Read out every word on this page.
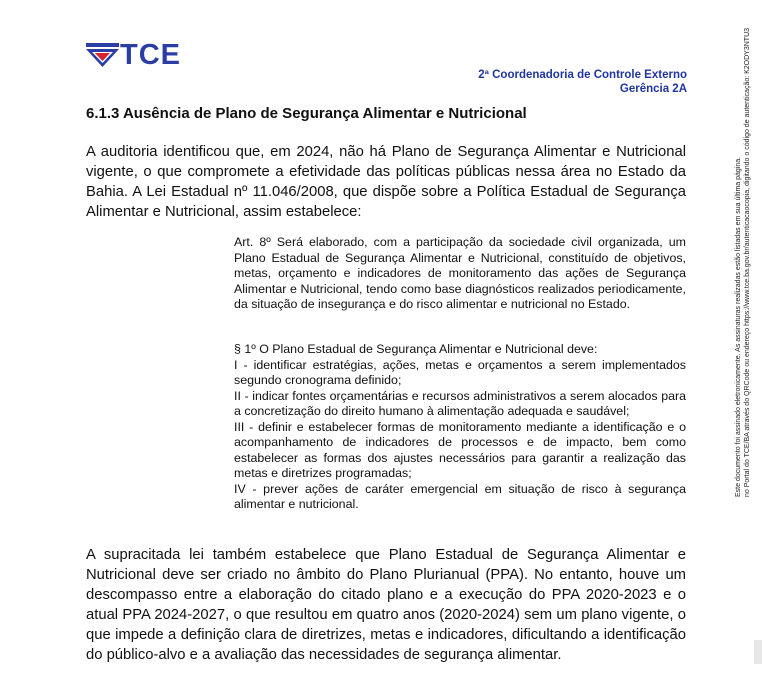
TCE
2ª Coordenadoria de Controle Externo
Gerência 2A
6.1.3 Ausência de Plano de Segurança Alimentar e Nutricional

A auditoria identificou que, em 2024, não há Plano de Segurança Alimentar e Nutricional vigente, o que compromete a efetividade das políticas públicas nessa área no Estado da Bahia. A Lei Estadual nº 11.046/2008, que dispõe sobre a Política Estadual de Segurança Alimentar e Nutricional, assim estabelece:

Art. 8º Será elaborado, com a participação da sociedade civil organizada, um Plano Estadual de Segurança Alimentar e Nutricional, constituído de objetivos, metas, orçamento e indicadores de monitoramento das ações de Segurança Alimentar e Nutricional, tendo como base diagnósticos realizados periodicamente, da situação de insegurança e do risco alimentar e nutricional no Estado.
§ 1º O Plano Estadual de Segurança Alimentar e Nutricional deve:
I - identificar estratégias, ações, metas e orçamentos a serem implementados segundo cronograma definido;
II - indicar fontes orçamentárias e recursos administrativos a serem alocados para a concretização do direito humano à alimentação adequada e saudável;
III - definir e estabelecer formas de monitoramento mediante a identificação e o acompanhamento de indicadores de processos e de impacto, bem como estabelecer as formas dos ajustes necessários para garantir a realização das metas e diretrizes programadas;
IV - prever ações de caráter emergencial em situação de risco à segurança alimentar e nutricional.

A supracitada lei também estabelece que Plano Estadual de Segurança Alimentar e Nutricional deve ser criado no âmbito do Plano Plurianual (PPA). No entanto, houve um descompasso entre a elaboração do citado plano e a execução do PPA 2020-2023 e o atual PPA 2024-2027, o que resultou em quatro anos (2020-2024) sem um plano vigente, o que impede a definição clara de diretrizes, metas e indicadores, dificultando a identificação do público-alvo e a avaliação das necessidades de segurança alimentar.

Este documento foi assinado eletronicamente. As assinaturas realizadas estão listadas em sua última página. no Portal do TCE/BA através do QRCode ou endereço https://www.tce.ba.gov.br/autenticacaocopia, digitando o código de autenticação: K2ODY3NTU3
